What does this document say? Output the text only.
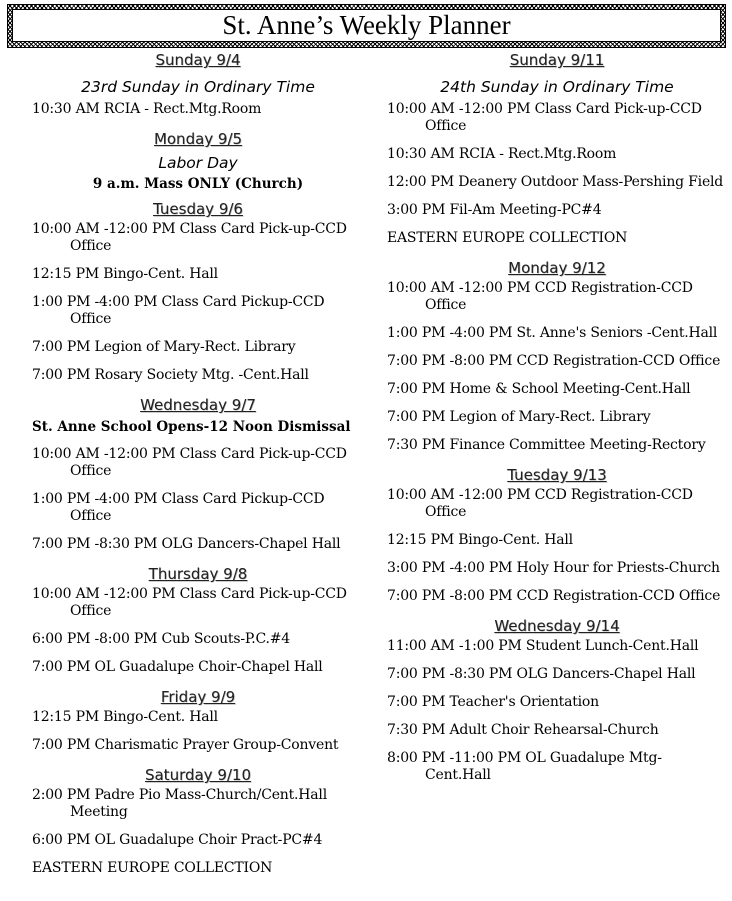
St. Anne’s Weekly Planner
Sunday 9/4
23rd Sunday in Ordinary Time
10:30 AM RCIA - Rect.Mtg.Room
Monday 9/5
Labor Day
9 a.m. Mass ONLY (Church)
Tuesday 9/6
10:00 AM -12:00 PM Class Card Pick-up-CCD Office
12:15 PM Bingo-Cent. Hall
1:00 PM -4:00 PM Class Card Pickup-CCD Office
7:00 PM Legion of Mary-Rect. Library
7:00 PM Rosary Society Mtg. -Cent.Hall
Wednesday 9/7
St. Anne School Opens-12 Noon Dismissal
10:00 AM -12:00 PM Class Card Pick-up-CCD Office
1:00 PM -4:00 PM Class Card Pickup-CCD Office
7:00 PM -8:30 PM OLG Dancers-Chapel Hall
Thursday 9/8
10:00 AM -12:00 PM Class Card Pick-up-CCD Office
6:00 PM -8:00 PM Cub Scouts-P.C.#4
7:00 PM OL Guadalupe Choir-Chapel Hall
Friday 9/9
12:15 PM Bingo-Cent. Hall
7:00 PM Charismatic Prayer Group-Convent
Saturday 9/10
2:00 PM Padre Pio Mass-Church/Cent.Hall Meeting
6:00 PM OL Guadalupe Choir Pract-PC#4
EASTERN EUROPE COLLECTION
Sunday 9/11
24th Sunday in Ordinary Time
10:00 AM -12:00 PM Class Card Pick-up-CCD Office
10:30 AM RCIA - Rect.Mtg.Room
12:00 PM Deanery Outdoor Mass-Pershing Field
3:00 PM Fil-Am Meeting-PC#4
EASTERN EUROPE COLLECTION
Monday 9/12
10:00 AM -12:00 PM CCD Registration-CCD Office
1:00 PM -4:00 PM St. Anne's Seniors -Cent.Hall
7:00 PM -8:00 PM CCD Registration-CCD Office
7:00 PM Home & School Meeting-Cent.Hall
7:00 PM Legion of Mary-Rect. Library
7:30 PM Finance Committee Meeting-Rectory
Tuesday 9/13
10:00 AM -12:00 PM CCD Registration-CCD Office
12:15 PM Bingo-Cent. Hall
3:00 PM -4:00 PM Holy Hour for Priests-Church
7:00 PM -8:00 PM CCD Registration-CCD Office
Wednesday 9/14
11:00 AM -1:00 PM Student Lunch-Cent.Hall
7:00 PM -8:30 PM OLG Dancers-Chapel Hall
7:00 PM Teacher's Orientation
7:30 PM Adult Choir Rehearsal-Church
8:00 PM -11:00 PM OL Guadalupe Mtg-Cent.Hall
